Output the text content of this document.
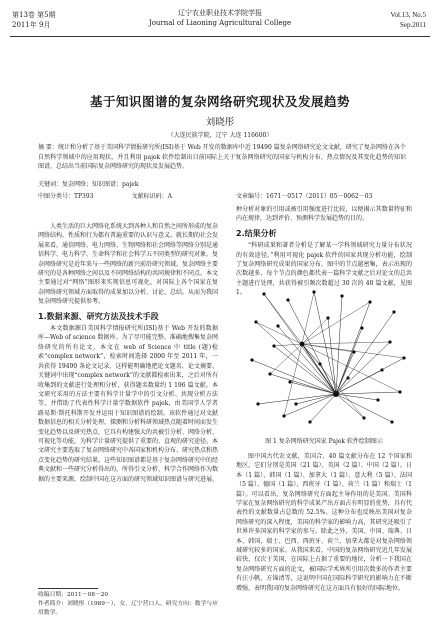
第13卷 第5期
2011年 9月
辽宁农业职业技术学院学报
Journal of Liaoning Agricultural College
Vol.13, No.5
Sep.2011
基于知识图谱的复杂网络研究现状及发展趋势
刘晓彤
（大连民族学院，辽宁 大连 116600）
摘 要：统计和分析了基于美国科学情报研究所(ISI)基于 Web 开发的数据库中近 19490 篇复杂网络研究论文文献，研究了复杂网络在各个自然科学领域中的应用现状，并且利用 pajek 软件绘制出目前国际上关于复杂网络研究的国家与机构分布、热点情况及其变化趋势的知识图谱，总结出当前国际复杂网络研究的现状及发展趋势。
关键词：复杂网络；知识图谱；pajek
中图分类号：TP393                    文献标识码：A	文章编号：1671－0517（2011）05－0062－03

人类生活的巨大网络化系统大到各种人和自然之间所形成的复杂网络结构，性质和行为都有普遍重要的认识与意义。就长期的社会发展来看，通信网络、电力网络、生物网络和社会网络等网络分别是通信科学、电力科学、生命科学和社会科学五不同类型的研究对象。复杂网络研究是近年来与一些网络的新兴前沿研究领域。复杂网络主要研究的是各种网络之间以及不同网络结构的共同规律和不同点。本文主要通过对“网络”图形来实现信息可视化，对国际上各个国家在复杂网络研究领域方面取得的成果加以分析、讨论、总结，从而为我国复杂网络研究提供参考。

1.数据来源、研究方法及技术手段

本文数据源自美国科学情报研究所(ISI)基于 Web 开发的数据库—Web of science 数据库。为了尽可能完整、准确地搜集复杂网络研究的所有论文，本文在 web of Science 中 title (题)检索“complex network”，检索时间选择 2000 年至 2011 年，一共获得 19490 条论文记录，这样能明确地把论文题名、论文摘要、关键词中出现“complex network”的文献都检索出来，之后对所有收集到的文献进行处理和分析，获得题名数量约 1 196 篇文献。本文研究采用的方法主要有科学计量学中的引文分析、共现分析方法等，并借助了代表性科学计量学数据软件 pajek，由美国学人学者路易斯·斯托科斯开发并运用于知识图谱的绘制。该软件通过对文献数据信息的相关分析处理，探测和分析科研领域热点随着时间而发生变化趋势以及研究热点，它具有构建强大的共被引分析、网络分析、可视化等功能，为科学计量研究提供了重要的、直观的研究途径。本文研究主要选取了复杂网络研究中各国家和机构分布、研究热点和热点变化趋势的研究结果。这些知识图谱都是基于复杂网络研究中的经典文献和一些研究分析得出的，所得引文分析、科学合作网络作为数据的主要来源，绘制中国在这方面的研究领域知识图谱与研究进展。

种分析对象的引用或被引用强度进行比较，以便揭示其数量特征和内在规律，达到评价、预测科学发展趋势的目的。

2.结果分析

“科研成果和著者分析是了解某一学科领域研究力量分布状况的有效途径。”利用可视化 pajek 软件的国家共现分析功能，绘制了复杂网络研究成果的国家分布，图中的节点越密集，表示出现的次数越多，每个节点的颜色都代表一篇科学文献之后对论文的总共主题进行处理，共获得被引频次数超过 30 次的 40 篇文献，见图 1。

图 1 复杂网络研究国家 Pajek 软件绘制图示

图中国古代农文献，美国合、40 篇文献分布在 12 个国家和地区，它们分别是美国（21 篇）、英国（2 篇）、中国（2 篇）、日本（1 篇）、韩国（1 篇）、加拿大（1 篇）、意大利（5 篇）、法国（5 篇）、德国（1 篇）、西班牙（1 篇）、荷兰（1 篇）和瑞士（1 篇）。可以看出，复杂网络研究方面起主导作用的是美国。美国科学家在复杂网络研究的科学成果产出方面占有明显的优势，具有代表性的文献数量占总数的 52.5%。这种分布也反映出美国对复杂网络研究的深入程度，美国的科学家的影响力高，其研究还吸引了世界许多国家的科学家的参与。除此之外，美国、中国、瑞典、日本、韩国、瑞士、巴西、西班牙、荷兰、加拿大都是对复杂网络领域研究较多的国家。从我国来看，中国的复杂网络研究近几年发展较快，仅次于美国，在国际上占据了重要的地位，分析一下我国在复杂网络研究方面的论文，被国际学术界所引用次数多的作者主要有汪小帆、方锦清等，这说明中国在国际科学研究的影响力在不断增强，表明我国的复杂网络研究在这方面具有很好的国际地位。

收稿日期：2011－08－20
作者简介：刘晓彤（1989－），女，辽宁营口人，研究方向：数学与应用数学。
